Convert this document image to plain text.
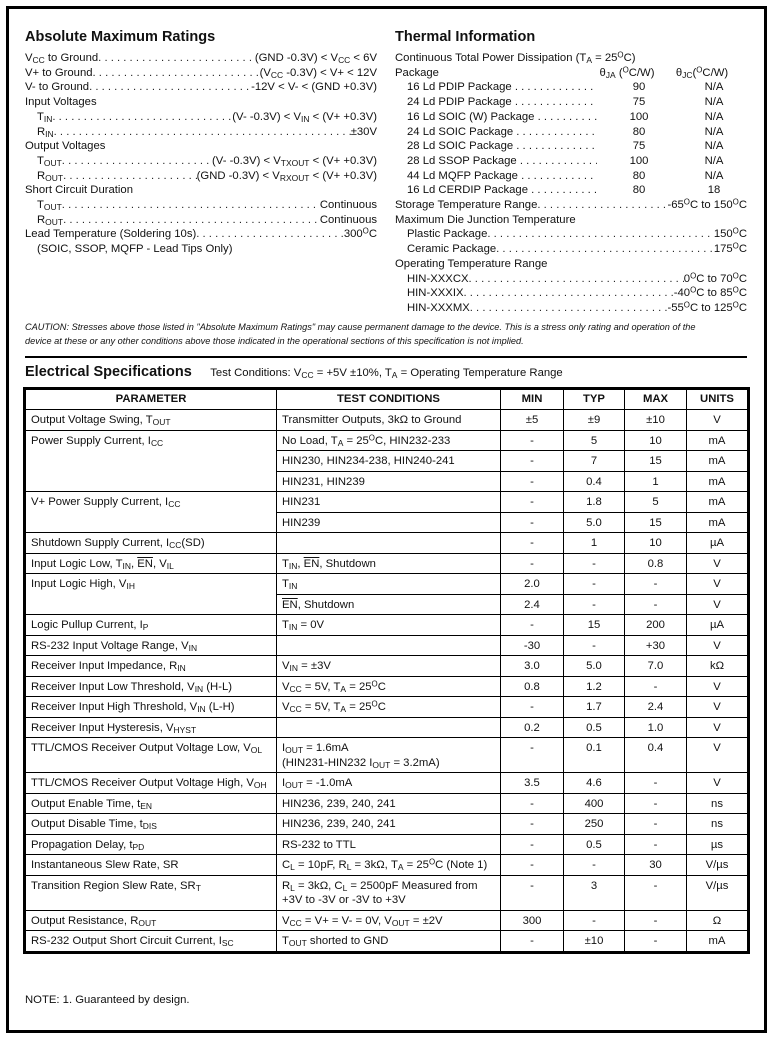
Absolute Maximum Ratings
$V_{CC}$ to Ground . . .	(GND $-0.3V) < V_{CC} < 6V$
V+ to Ground . . .	($V_{CC}$ -0.3V) < V+ < 12V
V- to Ground . . .	-12V < V- < (GND +0.3V)
Input Voltages
$T_{IN}$ . . .	(V- $-0.3V) < V_{IN} < (V+ +0.3V)$
$R_{IN}$ . . .	±30V
Output Voltages
$T_{OUT}$ . . .	(V- $-0.3V) < V_{TXOUT} < (V+ +0.3V)$
$R_{OUT}$ . . .	(GND $-0.3V) < V_{RXOUT} < (V+ +0.3V)$
Short Circuit Duration
$T_{OUT}$ . . .	Continuous
$R_{OUT}$ . . .	Continuous
Lead Temperature (Soldering 10s) . . .	$300^OC$
(SOIC, SSOP, MQFP - Lead Tips Only)
Thermal Information
Continuous Total Power Dissipation $(T_A = 25^OC)$
Package	$\theta_{JA}$ ($^O$C/W)	$\theta_{JC}(^OC/W)$
16 Ld PDIP Package . . .	90	N/A
24 Ld PDIP Package . . .	75	N/A
16 Ld SOIC (W) Package . . .	100	N/A
24 Ld SOIC Package . . .	80	N/A
28 Ld SOIC Package . . .	75	N/A
28 Ld SSOP Package . . .	100	N/A
44 Ld MQFP Package . . .	80	N/A
16 Ld CERDIP Package . . .	80	18
Storage Temperature Range . . .	$-65^OC$ to $150^OC$
Maximum Die Junction Temperature
Plastic Package . . .	$150^OC$
Ceramic Package . . .	$175^OC$
Operating Temperature Range
HIN-XXXCX . . .	$0^OC$ to $70^OC$
HIN-XXXIX . . .	$-40^OC$ to $85^OC$
HIN-XXXMX . . .	$-55^OC$ to $125^OC$
CAUTION: Stresses above those listed in "Absolute Maximum Ratings" may cause permanent damage to the device. This is a stress only rating and operation of the device at these or any other conditions above those indicated in the operational sections of this specification is not implied.
Electrical Specifications Test Conditions: $V_{CC} = +5V \pm 10\%$, $T_A$ = Operating Temperature Range
PARAMETER	TEST CONDITIONS	MIN	TYP	MAX	UNITS
Output Voltage Swing, $T_{OUT}$	Transmitter Outputs, 3kΩ to Ground	±5	±9	±10	V
Power Supply Current, $I_{CC}$	No Load, $T_A = 25^OC$, HIN232-233	-	5	10	mA
	HIN230, HIN234-238, HIN240-241	-	7	15	mA
	HIN231, HIN239	-	0.4	1	mA
V+ Power Supply Current, $I_{CC}$	HIN231	-	1.8	5	mA
	HIN239	-	5.0	15	mA
Shutdown Supply Current, $I_{CC}(SD)$		-	1	10	µA
Input Logic Low, $T_{IN}$, $\overline{EN}$, $V_{IL}$	$T_{IN}$, $\overline{EN}$, Shutdown	-	-	0.8	V
Input Logic High, $V_{IH}$	$T_{IN}$	2.0	-	-	V
	$\overline{EN}$, Shutdown	2.4	-	-	V
Logic Pullup Current, $I_P$	$T_{IN} = 0V$	-	15	200	µA
RS-232 Input Voltage Range, $V_{IN}$		-30	-	+30	V
Receiver Input Impedance, $R_{IN}$	$V_{IN} = \pm 3V$	3.0	5.0	7.0	kΩ
Receiver Input Low Threshold, $V_{IN}$ (H-L)	$V_{CC} = 5V$, $T_A = 25^OC$	0.8	1.2	-	V
Receiver Input High Threshold, $V_{IN}$ (L-H)	$V_{CC} = 5V$, $T_A = 25^OC$	-	1.7	2.4	V
Receiver Input Hysteresis, $V_{HYST}$		0.2	0.5	1.0	V
TTL/CMOS Receiver Output Voltage Low, $V_{OL}$	$I_{OUT} = 1.6mA$
(HIN231-HIN232 $I_{OUT} = 3.2mA$)	-	0.1	0.4	V
TTL/CMOS Receiver Output Voltage High, $V_{OH}$	$I_{OUT} = -1.0mA$	3.5	4.6	-	V
Output Enable Time, $t_{EN}$	HIN236, 239, 240, 241	-	400	-	ns
Output Disable Time, $t_{DIS}$	HIN236, 239, 240, 241	-	250	-	ns
Propagation Delay, $t_{PD}$	RS-232 to TTL	-	0.5	-	µs
Instantaneous Slew Rate, SR	$C_L = 10pF$, $R_L = 3k\Omega$, $T_A = 25^OC$ (Note 1)	-	-	30	V/µs
Transition Region Slew Rate, $SR_T$	$R_L = 3k\Omega$, $C_L = 2500pF$ Measured from
+3V to -3V or -3V to +3V	-	3	-	V/µs
Output Resistance, $R_{OUT}$	$V_{CC} = V+ = V- = 0V$, $V_{OUT} = \pm 2V$	300	-	-	Ω
RS-232 Output Short Circuit Current, $I_{SC}$	$T_{OUT}$ shorted to GND	-	±10	-	mA
NOTE: 1. Guaranteed by design.
